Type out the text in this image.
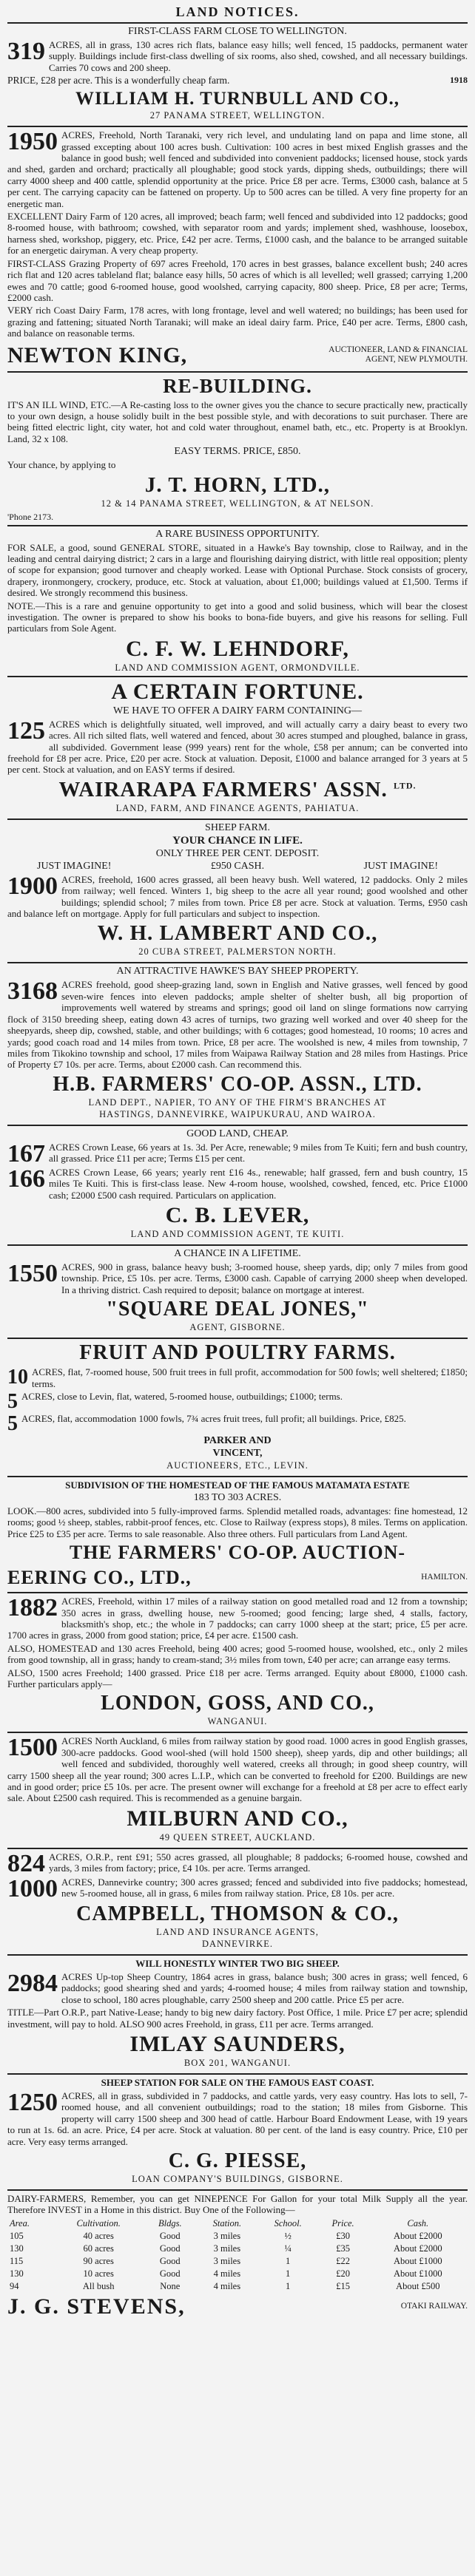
LAND NOTICES.
FIRST-CLASS FARM CLOSE TO WELLINGTON.

319 ACRES, all in grass, 130 acres rich flats, balance easy hills; well fenced, 15 paddocks, permanent water supply. Buildings include first-class dwelling of six rooms, also shed, cowshed, and all necessary buildings. Carries 70 cows and 200 sheep.

PRICE, £28 per acre. This is a wonderfully cheap farm.	1918
WILLIAM H. TURNBULL AND CO.,
27 PANAMA STREET, WELLINGTON.

1950 ACRES, Freehold, North Taranaki, very rich level, and undulating land on papa and lime stone, all grassed excepting about 100 acres bush. Cultivation: 100 acres in best mixed English grasses and the balance in good bush; well fenced and subdivided into convenient paddocks; licensed house, stock yards and shed, garden and orchard; practically all ploughable; good stock yards, dipping sheds, outbuildings; there will carry 4000 sheep and 400 cattle, splendid opportunity at the price. Price £8 per acre. Terms, £3000 cash, balance at 5 per cent. The carrying capacity can be fattened on property. Up to 500 acres can be tilled. A very fine property for an energetic man.

EXCELLENT Dairy Farm of 120 acres, all improved; beach farm; well fenced and subdivided into 12 paddocks; good 8-roomed house, with bathroom; cowshed, with separator room and yards; implement shed, washhouse, loosebox, harness shed, workshop, piggery, etc. Price, £42 per acre. Terms, £1000 cash, and the balance to be arranged suitable for an energetic dairyman. A very cheap property.

FIRST-CLASS Grazing Property of 697 acres Freehold, 170 acres in best grasses, balance excellent bush; 240 acres rich flat and 120 acres tableland flat; balance easy hills, 50 acres of which is all levelled; well grassed; carrying 1,200 ewes and 70 cattle; good 6-roomed house, good woolshed, carrying capacity, 800 sheep. Price, £8 per acre; Terms, £2000 cash.

VERY rich Coast Dairy Farm, 178 acres, with long frontage, level and well watered; no buildings; has been used for grazing and fattening; situated North Taranaki; will make an ideal dairy farm. Price, £40 per acre. Terms, £800 cash, and balance on reasonable terms.

NEWTON KING,	AUCTIONEER, LAND & FINANCIAL
AGENT, NEW PLYMOUTH.
RE-BUILDING.

IT'S AN ILL WIND, ETC.—A Re-casting loss to the owner gives you the chance to secure practically new, practically to your own design, a house solidly built in the best possible style, and with decorations to suit purchaser. There are being fitted electric light, city water, hot and cold water throughout, enamel bath, etc., etc. Property is at Brooklyn. Land, 32 x 108.

EASY TERMS. PRICE, £850.
Your chance, by applying to
J. T. HORN, LTD.,
12 & 14 PANAMA STREET, WELLINGTON, & AT NELSON.
'Phone 2173.
A RARE BUSINESS OPPORTUNITY.

FOR SALE, a good, sound GENERAL STORE, situated in a Hawke's Bay township, close to Railway, and in the leading and central dairying district; 2 cars in a large and flourishing dairying district, with little real opposition; plenty of scope for expansion; good turnover and cheaply worked. Lease with Optional Purchase. Stock consists of grocery, drapery, ironmongery, crockery, produce, etc. Stock at valuation, about £1,000; buildings valued at £1,500. Terms if desired. We strongly recommend this business.

NOTE.—This is a rare and genuine opportunity to get into a good and solid business, which will bear the closest investigation. The owner is prepared to show his books to bona-fide buyers, and give his reasons for selling. Full particulars from Sole Agent.

C. F. W. LEHNDORF,
LAND AND COMMISSION AGENT, ORMONDVILLE.
A CERTAIN FORTUNE.
WE HAVE TO OFFER A DAIRY FARM CONTAINING—

125 ACRES which is delightfully situated, well improved, and will actually carry a dairy beast to every two acres. All rich silted flats, well watered and fenced, about 30 acres stumped and ploughed, balance in grass, all subdivided. Government lease (999 years) rent for the whole, £58 per annum; can be converted into freehold for £8 per acre. Price, £20 per acre. Stock at valuation. Deposit, £1000 and balance arranged for 3 years at 5 per cent. Stock at valuation, and on EASY terms if desired.

WAIRARAPA FARMERS' ASSN. $^{LTD.}$
LAND, FARM, AND FINANCE AGENTS, PAHIATUA.
SHEEP FARM.
YOUR CHANCE IN LIFE.
ONLY THREE PER CENT. DEPOSIT.
JUST IMAGINE!	£950 CASH.	JUST IMAGINE!

1900 ACRES, freehold, 1600 acres grassed, all been heavy bush. Well watered, 12 paddocks. Only 2 miles from railway; well fenced. Winters 1, big sheep to the acre all year round; good woolshed and other buildings; splendid school; 7 miles from town. Price £8 per acre. Stock at valuation. Terms, £950 cash and balance left on mortgage. Apply for full particulars and subject to inspection.

W. H. LAMBERT AND CO.,
20 CUBA STREET, PALMERSTON NORTH.
AN ATTRACTIVE HAWKE'S BAY SHEEP PROPERTY.

3168 ACRES freehold, good sheep-grazing land, sown in English and Native grasses, well fenced by good seven-wire fences into eleven paddocks; ample shelter of shelter bush, all big proportion of improvements well watered by streams and springs; good oil land on slinge formations now carrying flock of 3150 breeding sheep, eating down 43 acres of turnips, two grazing well worked and over 40 sheep for the sheepyards, sheep dip, cowshed, stable, and other buildings; with 6 cottages; good homestead, 10 rooms; 10 acres and yards; good coach road and 14 miles from town. Price, £8 per acre. The woolshed is new, 4 miles from township, 7 miles from Tikokino township and school, 17 miles from Waipawa Railway Station and 28 miles from Hastings. Price of Property £7 10s. per acre. Terms, about £2000 cash. Can recommend this.

H.B. FARMERS' CO-OP. ASSN., LTD.
LAND DEPT., NAPIER, TO ANY OF THE FIRM'S BRANCHES AT
HASTINGS, DANNEVIRKE, WAIPUKURAU, AND WAIROA.
GOOD LAND, CHEAP.

167 ACRES Crown Lease, 66 years at 1s. 3d. Per Acre, renewable; 9 miles from Te Kuiti; fern and bush country, all grassed. Price £11 per acre; Terms £15 per cent.

166 ACRES Crown Lease, 66 years; yearly rent £16 4s., renewable; half grassed, fern and bush country, 15 miles Te Kuiti. This is first-class lease. New 4-room house, woolshed, cowshed, fenced, etc. Price £1000 cash; £2000 £500 cash required. Particulars on application.

C. B. LEVER,
LAND AND COMMISSION AGENT, TE KUITI.
A CHANCE IN A LIFETIME.

1550 ACRES, 900 in grass, balance heavy bush; 3-roomed house, sheep yards, dip; only 7 miles from good township. Price, £5 10s. per acre. Terms, £3000 cash. Capable of carrying 2000 sheep when developed. In a thriving district. Cash required to deposit; balance on mortgage at interest.

"SQUARE DEAL JONES,"
AGENT, GISBORNE.
FRUIT AND POULTRY FARMS.

10 ACRES, flat, 7-roomed house, 500 fruit trees in full profit, accommodation for 500 fowls; well sheltered; £1850; terms.

5 ACRES, close to Levin, flat, watered, 5-roomed house, outbuildings; £1000; terms.

5 ACRES, flat, accommodation 1000 fowls, 7¾ acres fruit trees, full profit; all buildings. Price, £825.

PARKER AND
VINCENT,
AUCTIONEERS, ETC., LEVIN.
SUBDIVISION OF THE HOMESTEAD OF THE FAMOUS MATAMATA ESTATE
183 TO 303 ACRES.

LOOK.—800 acres, subdivided into 5 fully-improved farms. Splendid metalled roads, advantages: fine homestead, 12 rooms; good ½ sheep, stables, rabbit-proof fences, etc. Close to Railway (express stops), 8 miles. Terms on application. Price £25 to £35 per acre. Terms to sale reasonable. Also three others. Full particulars from Land Agent.

THE FARMERS' CO-OP. AUCTION-
EERING CO., LTD.,	HAMILTON.

1882 ACRES, Freehold, within 17 miles of a railway station on good metalled road and 12 from a township; 350 acres in grass, dwelling house, new 5-roomed; good fencing; large shed, 4 stalls, factory, blacksmith's shop, etc.; the whole in 7 paddocks; can carry 1000 sheep at the start; price, £5 per acre. 1700 acres in grass, 2000 from good station; price, £4 per acre. £1500 cash.

ALSO, HOMESTEAD and 130 acres Freehold, being 400 acres; good 5-roomed house, woolshed, etc., only 2 miles from good township, all in grass; handy to cream-stand; 3½ miles from town, £40 per acre; can arrange easy terms.

ALSO, 1500 acres Freehold; 1400 grassed. Price £18 per acre. Terms arranged. Equity about £8000, £1000 cash. Further particulars apply—

LONDON, GOSS, AND CO.,
WANGANUI.

1500 ACRES North Auckland, 6 miles from railway station by good road. 1000 acres in good English grasses, 300-acre paddocks. Good wool-shed (will hold 1500 sheep), sheep yards, dip and other buildings; all well fenced and subdivided, thoroughly well watered, creeks all through; in good sheep country, will carry 1500 sheep all the year round; 300 acres L.I.P., which can be converted to freehold for £200. Buildings are new and in good order; price £5 10s. per acre. The present owner will exchange for a freehold at £8 per acre to effect early sale. About £2500 cash required. This is recommended as a genuine bargain.

MILBURN AND CO.,
49 QUEEN STREET, AUCKLAND.

824 ACRES, O.R.P., rent £91; 550 acres grassed, all ploughable; 8 paddocks; 6-roomed house, cowshed and yards, 3 miles from factory; price, £4 10s. per acre. Terms arranged.

1000 ACRES, Dannevirke country; 300 acres grassed; fenced and subdivided into five paddocks; homestead, new 5-roomed house, all in grass, 6 miles from railway station. Price, £8 10s. per acre.

CAMPBELL, THOMSON & CO.,
LAND AND INSURANCE AGENTS,
DANNEVIRKE.
WILL HONESTLY WINTER TWO BIG SHEEP.

2984 ACRES Up-top Sheep Country, 1864 acres in grass, balance bush; 300 acres in grass; well fenced, 6 paddocks; good shearing shed and yards; 4-roomed house; 4 miles from railway station and township, close to school, 180 acres ploughable, carry 2500 sheep and 200 cattle. Price £5 per acre.

TITLE—Part O.R.P., part Native-Lease; handy to big new dairy factory. Post Office, 1 mile. Price £7 per acre; splendid investment, will pay to hold. ALSO 900 acres Freehold, in grass, £11 per acre. Terms arranged.

IMLAY SAUNDERS,
BOX 201, WANGANUI.
SHEEP STATION FOR SALE ON THE FAMOUS EAST COAST.

1250 ACRES, all in grass, subdivided in 7 paddocks, and cattle yards, very easy country. Has lots to sell, 7-roomed house, and all convenient outbuildings; road to the station; 18 miles from Gisborne. This property will carry 1500 sheep and 300 head of cattle. Harbour Board Endowment Lease, with 19 years to run at 1s. 6d. an acre. Price, £4 per acre. Stock at valuation. 80 per cent. of the land is easy country. Price, £10 per acre. Very easy terms arranged.

C. G. PIESSE,
LOAN COMPANY'S BUILDINGS, GISBORNE.

DAIRY-FARMERS, Remember, you can get NINEPENCE For Gallon for your total Milk Supply all the year. Therefore INVEST in a Home in this district. Buy One of the Following—

Area.	Cultivation.	Bldgs.	Station.	School.	Price.	Cash.
105	40 acres	Good	3 miles	½	£30	About £2000
130	60 acres	Good	3 miles	¼	£35	About £2000
115	90 acres	Good	3 miles	1	£22	About £1000
130	10 acres	Good	4 miles	1	£20	About £1000
94	All bush	None	4 miles	1	£15	About £500
J. G. STEVENS,	OTAKI RAILWAY.
